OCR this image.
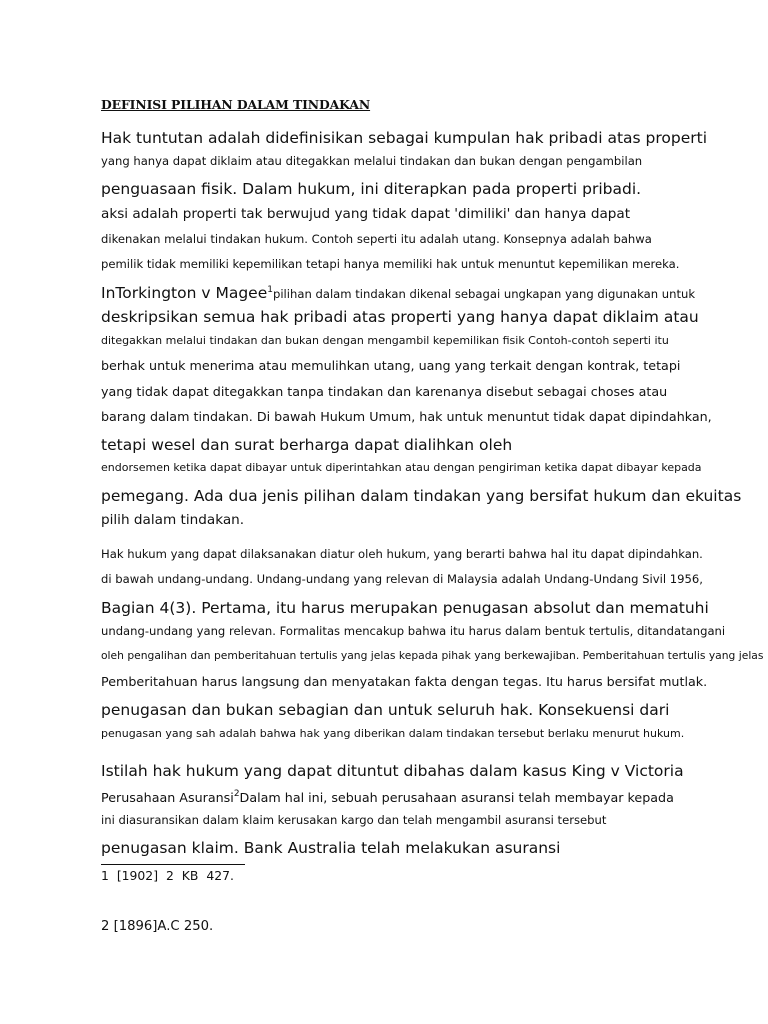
DEFINISI PILIHAN DALAM TINDAKAN
Hak tuntutan adalah didefinisikan sebagai kumpulan hak pribadi atas properti
yang hanya dapat diklaim atau ditegakkan melalui tindakan dan bukan dengan pengambilan
penguasaan fisik. Dalam hukum, ini diterapkan pada properti pribadi.
aksi adalah properti tak berwujud yang tidak dapat 'dimiliki' dan hanya dapat
dikenakan melalui tindakan hukum. Contoh seperti itu adalah utang. Konsepnya adalah bahwa
pemilik tidak memiliki kepemilikan tetapi hanya memiliki hak untuk menuntut kepemilikan mereka.
InTorkington v Magee$^1$pilihan dalam tindakan dikenal sebagai ungkapan yang digunakan untuk
deskripsikan semua hak pribadi atas properti yang hanya dapat diklaim atau
ditegakkan melalui tindakan dan bukan dengan mengambil kepemilikan fisik Contoh-contoh seperti itu
berhak untuk menerima atau memulihkan utang, uang yang terkait dengan kontrak, tetapi
yang tidak dapat ditegakkan tanpa tindakan dan karenanya disebut sebagai choses atau
barang dalam tindakan. Di bawah Hukum Umum, hak untuk menuntut tidak dapat dipindahkan,
tetapi wesel dan surat berharga dapat dialihkan oleh
endorsemen ketika dapat dibayar untuk diperintahkan atau dengan pengiriman ketika dapat dibayar kepada
pemegang. Ada dua jenis pilihan dalam tindakan yang bersifat hukum dan ekuitas
pilih dalam tindakan.
Hak hukum yang dapat dilaksanakan diatur oleh hukum, yang berarti bahwa hal itu dapat dipindahkan.
di bawah undang-undang. Undang-undang yang relevan di Malaysia adalah Undang-Undang Sivil 1956,
Bagian 4(3). Pertama, itu harus merupakan penugasan absolut dan mematuhi
undang-undang yang relevan. Formalitas mencakup bahwa itu harus dalam bentuk tertulis, ditandatangani
oleh pengalihan dan pemberitahuan tertulis yang jelas kepada pihak yang berkewajiban. Pemberitahuan tertulis yang jelas
Pemberitahuan harus langsung dan menyatakan fakta dengan tegas. Itu harus bersifat mutlak.
penugasan dan bukan sebagian dan untuk seluruh hak. Konsekuensi dari
penugasan yang sah adalah bahwa hak yang diberikan dalam tindakan tersebut berlaku menurut hukum.
Istilah hak hukum yang dapat dituntut dibahas dalam kasus King v Victoria
Perusahaan Asuransi$^2$Dalam hal ini, sebuah perusahaan asuransi telah membayar kepada
ini diasuransikan dalam klaim kerusakan kargo dan telah mengambil asuransi tersebut
penugasan klaim. Bank Australia telah melakukan asuransi
1 [1902] 2 KB 427.
2 [1896]A.C 250.
